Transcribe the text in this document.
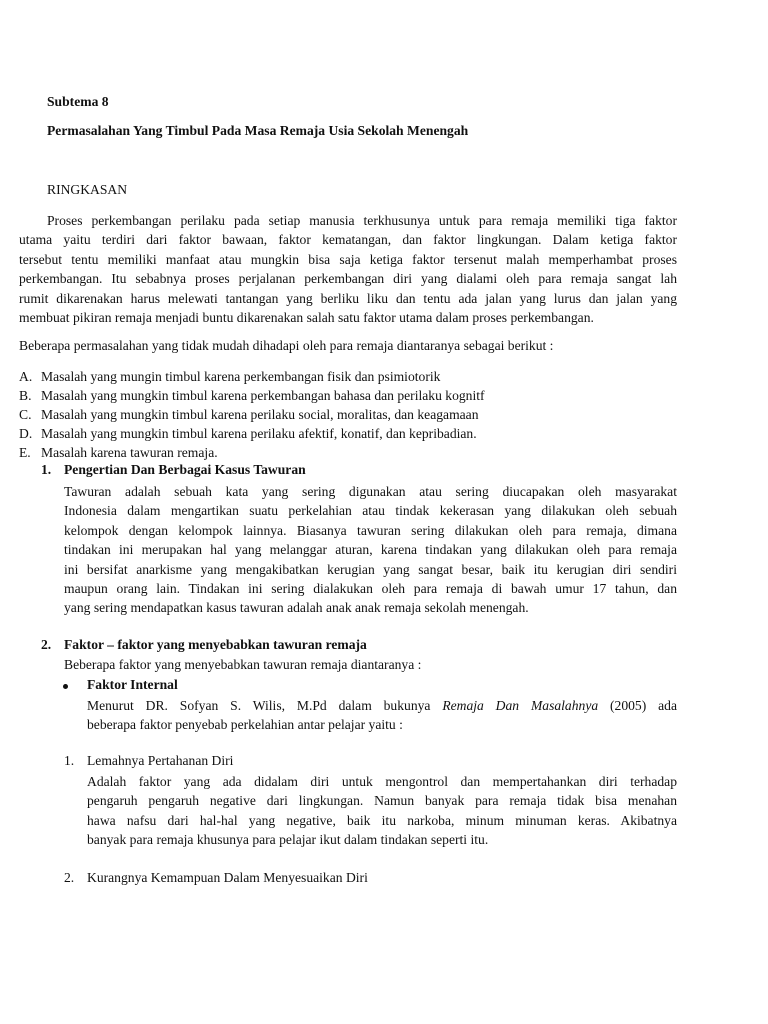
Subtema 8
Permasalahan Yang Timbul Pada Masa Remaja Usia Sekolah Menengah
RINGKASAN
Proses perkembangan perilaku pada setiap manusia terkhusunya untuk para remaja memiliki tiga faktor
utama yaitu terdiri dari faktor bawaan, faktor kematangan, dan faktor lingkungan. Dalam ketiga faktor
tersebut tentu memiliki manfaat atau mungkin bisa saja ketiga faktor tersenut malah memperhambat proses
perkembangan. Itu sebabnya proses perjalanan perkembangan diri yang dialami oleh para remaja sangat lah
rumit dikarenakan harus melewati tantangan yang berliku liku dan tentu ada jalan yang lurus dan jalan yang
membuat pikiran remaja menjadi buntu dikarenakan salah satu faktor utama dalam proses perkembangan.
Beberapa permasalahan yang tidak mudah dihadapi oleh para remaja diantaranya sebagai berikut :
A. Masalah yang mungin timbul karena perkembangan fisik dan psimiotorik
B. Masalah yang mungkin timbul karena perkembangan bahasa dan perilaku kognitf
C. Masalah yang mungkin timbul karena perilaku social, moralitas, dan keagamaan
D. Masalah yang mungkin timbul karena perilaku afektif, konatif, dan kepribadian.
E. Masalah karena tawuran remaja.
1. Pengertian Dan Berbagai Kasus Tawuran
Tawuran adalah sebuah kata yang sering digunakan atau sering diucapakan oleh masyarakat
Indonesia dalam mengartikan suatu perkelahian atau tindak kekerasan yang dilakukan oleh sebuah
kelompok dengan kelompok lainnya. Biasanya tawuran sering dilakukan oleh para remaja, dimana
tindakan ini merupakan hal yang melanggar aturan, karena tindakan yang dilakukan oleh para remaja
ini bersifat anarkisme yang mengakibatkan kerugian yang sangat besar, baik itu kerugian diri sendiri
maupun orang lain. Tindakan ini sering dialakukan oleh para remaja di bawah umur 17 tahun, dan
yang sering mendapatkan kasus tawuran adalah anak anak remaja sekolah menengah.
2. Faktor – faktor yang menyebabkan tawuran remaja
Beberapa faktor yang menyebabkan tawuran remaja diantaranya :
Faktor Internal
Menurut DR. Sofyan S. Wilis, M.Pd dalam bukunya Remaja Dan Masalahnya (2005) ada
beberapa faktor penyebab perkelahian antar pelajar yaitu :
1. Lemahnya Pertahanan Diri
Adalah faktor yang ada didalam diri untuk mengontrol dan mempertahankan diri terhadap
pengaruh pengaruh negative dari lingkungan. Namun banyak para remaja tidak bisa menahan
hawa nafsu dari hal-hal yang negative, baik itu narkoba, minum minuman keras. Akibatnya
banyak para remaja khusunya para pelajar ikut dalam tindakan seperti itu.
2. Kurangnya Kemampuan Dalam Menyesuaikan Diri
